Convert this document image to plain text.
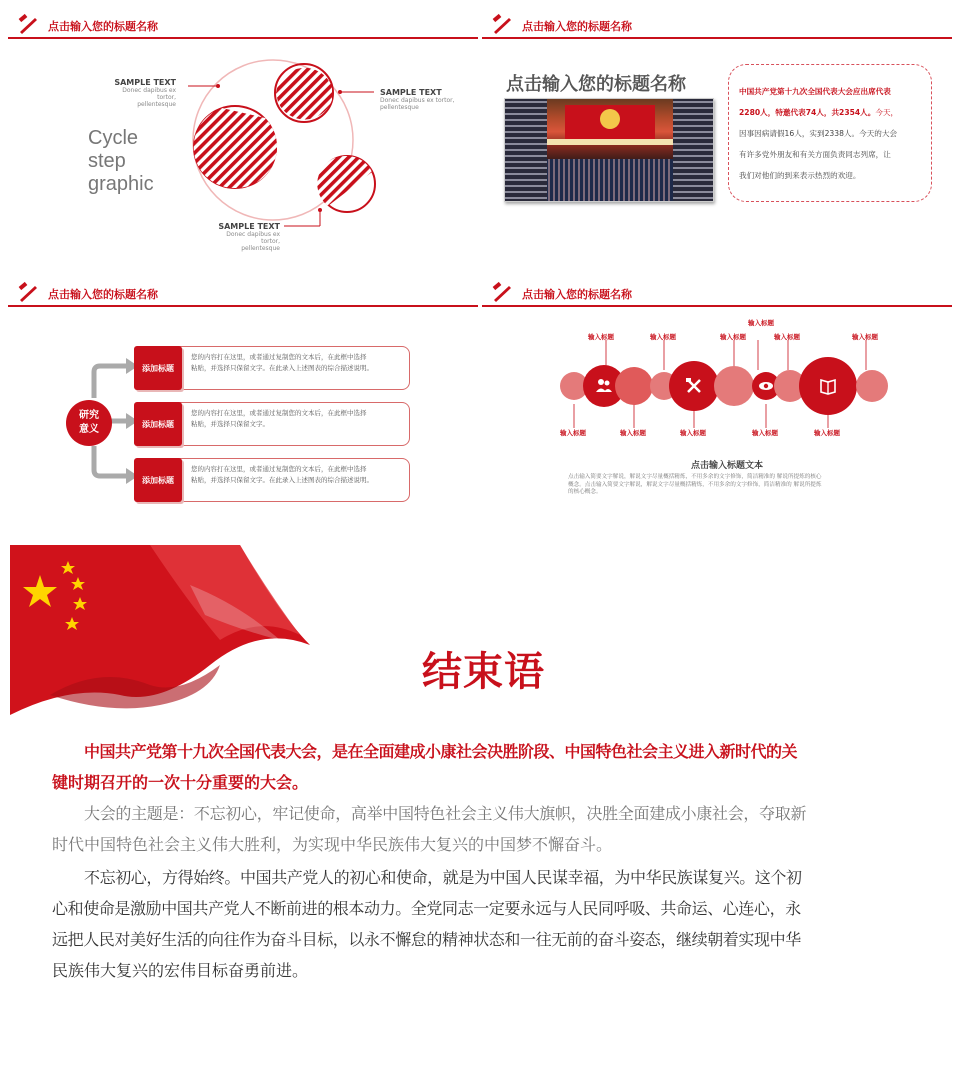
点击输入您的标题名称
Cycle
step
graphic
SAMPLE TEXT
Donec dapibus ex tortor,
pellentesque
SAMPLE TEXT
Donec dapibus ex tortor,
pellentesque
SAMPLE TEXT
Donec dapibus ex tortor,
pellentesque
点击输入您的标题名称
点击输入您的标题名称	中国共产党第十九次全国代表大会应出席代表
2280人，特邀代表74人，共2354人。今天，
因事因病请假16人，实到2338人。今天的大会
有许多党外朋友和有关方面负责同志列席，让
我们对他们的到来表示热烈的欢迎。
点击输入您的标题名称
研究
意义
您的内容打在这里，或者通过复制您的文本后，在此框中选择
粘贴，并选择只保留文字。在此录入上述图表的综合描述说明。
添加标题
您的内容打在这里，或者通过复制您的文本后，在此框中选择
粘贴，并选择只保留文字。
添加标题
您的内容打在这里，或者通过复制您的文本后，在此框中选择
粘贴，并选择只保留文字。在此录入上述图表的综合描述说明。
添加标题
点击输入您的标题名称
输入标题	输入标题	输入标题
输入标题
输入标题	输入标题
输入标题	输入标题	输入标题	输入标题	输入标题
点击输入标题文本
点击输入简要文字解说，解说文字尽量概括精炼，不用多余的文字修饰，简洁精准的 解说所提炼的核心
概念。点击输入简要文字解说，解说文字尽量概括精炼，不用多余的文字修饰，简洁精准的 解说所提炼
的核心概念。
结束语
中国共产党第十九次全国代表大会，是在全面建成小康社会决胜阶段、中国特色社会主义进入新时代的关
键时期召开的一次十分重要的大会。
大会的主题是：不忘初心，牢记使命，高举中国特色社会主义伟大旗帜，决胜全面建成小康社会，夺取新
时代中国特色社会主义伟大胜利，为实现中华民族伟大复兴的中国梦不懈奋斗。
不忘初心，方得始终。中国共产党人的初心和使命，就是为中国人民谋幸福，为中华民族谋复兴。这个初
心和使命是激励中国共产党人不断前进的根本动力。全党同志一定要永远与人民同呼吸、共命运、心连心，永
远把人民对美好生活的向往作为奋斗目标，以永不懈怠的精神状态和一往无前的奋斗姿态，继续朝着实现中华
民族伟大复兴的宏伟目标奋勇前进。
